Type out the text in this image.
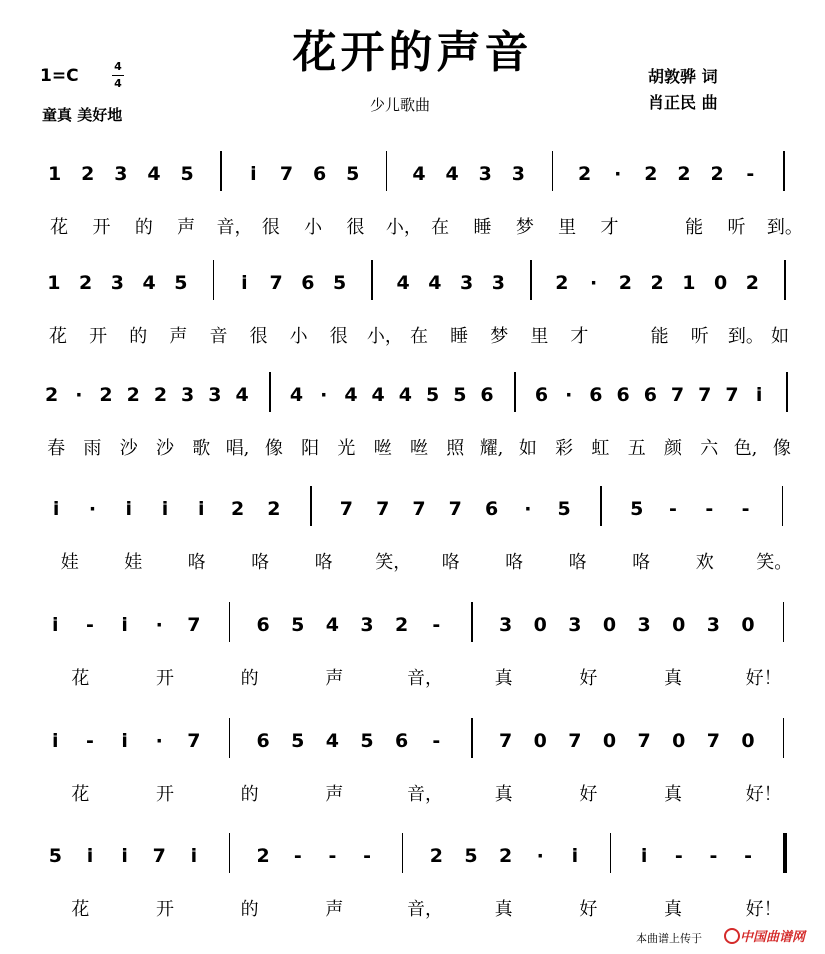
花开的声音
少儿歌曲
1=C	4
4
童真 美好地
胡敦骅 词
肖正民 曲
1 2 3 4 5	i	7 6 5	4 4 3 3	2	·	2 2 2	-
花 开 的 声 音， 很 小 很 小， 在 睡 梦 里 才	能 听 到。
1 2 3 4 5	i	7 6 5	4 4 3 3	2	·	2 2 1 0 2
花 开 的 声 音 很 小 很 小， 在 睡 梦 里 才	能 听 到。 如
2 · 2 2 2 3 3 4 4 · 4 4 4 5 5 6 6 · 6 6 6 7 7 7 i
春 雨 沙 沙 歌 唱, 像 阳 光 咝 咝 照 耀, 如 彩 虹 五 颜 六 色, 像
i	·	i	i	i	2 2	7 7 7 7 6	·	5	5	-	-	-
娃	娃	咯	咯	咯 笑， 咯	咯	咯	咯	欢 笑。
i	-	i	·	7	6 5 4 3 2	-	3 0 3 0 3 0 3 0
花	开	的	声	音，	真	好	真	好！
i	-	i	·	7	6 5 4 5 6	-	7 0 7 0 7 0 7 0
花	开	的	声	音，	真	好	真	好！
5	i	i	7	i	2	-	-	-	2 5 2	·	i	i	-	-	-
花	开	的	声	音，	真	好	真	好！
本曲谱上传于	中国曲谱网
